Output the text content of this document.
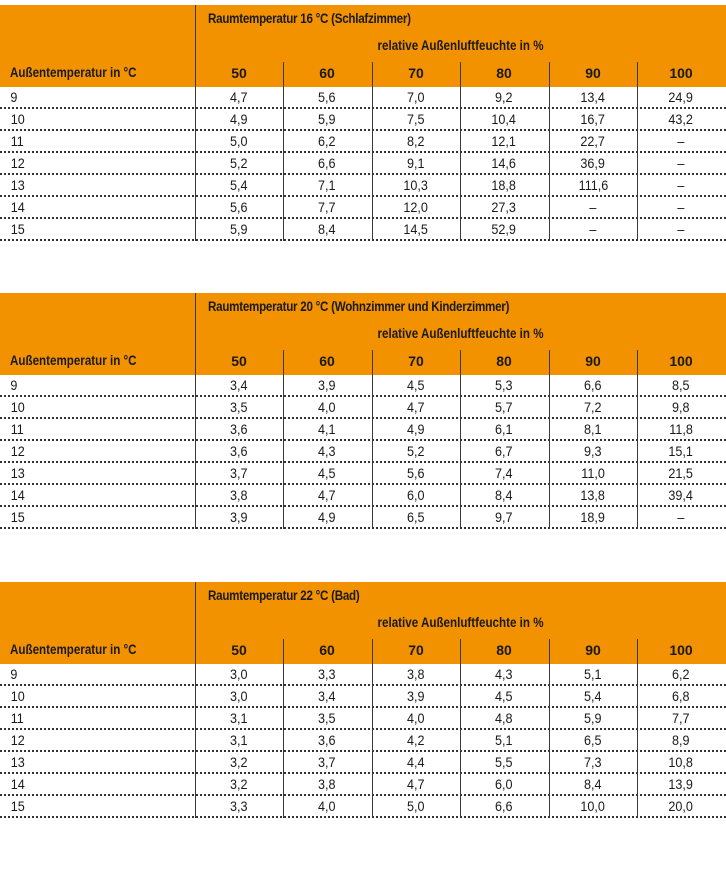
Raumtemperatur 16 °C (Schlafzimmer)
relative Außenluftfeuchte in %
Außentemperatur in °C	50	60	70	80	90	100
9	4,7	5,6	7,0	9,2	13,4	24,9
10	4,9	5,9	7,5	10,4	16,7	43,2
11	5,0	6,2	8,2	12,1	22,7	–
12	5,2	6,6	9,1	14,6	36,9	–
13	5,4	7,1	10,3	18,8	111,6	–
14	5,6	7,7	12,0	27,3	–	–
15	5,9	8,4	14,5	52,9	–	–
Raumtemperatur 20 °C (Wohnzimmer und Kinderzimmer)
relative Außenluftfeuchte in %
Außentemperatur in °C	50	60	70	80	90	100
9	3,4	3,9	4,5	5,3	6,6	8,5
10	3,5	4,0	4,7	5,7	7,2	9,8
11	3,6	4,1	4,9	6,1	8,1	11,8
12	3,6	4,3	5,2	6,7	9,3	15,1
13	3,7	4,5	5,6	7,4	11,0	21,5
14	3,8	4,7	6,0	8,4	13,8	39,4
15	3,9	4,9	6,5	9,7	18,9	–
Raumtemperatur 22 °C (Bad)
relative Außenluftfeuchte in %
Außentemperatur in °C	50	60	70	80	90	100
9	3,0	3,3	3,8	4,3	5,1	6,2
10	3,0	3,4	3,9	4,5	5,4	6,8
11	3,1	3,5	4,0	4,8	5,9	7,7
12	3,1	3,6	4,2	5,1	6,5	8,9
13	3,2	3,7	4,4	5,5	7,3	10,8
14	3,2	3,8	4,7	6,0	8,4	13,9
15	3,3	4,0	5,0	6,6	10,0	20,0
